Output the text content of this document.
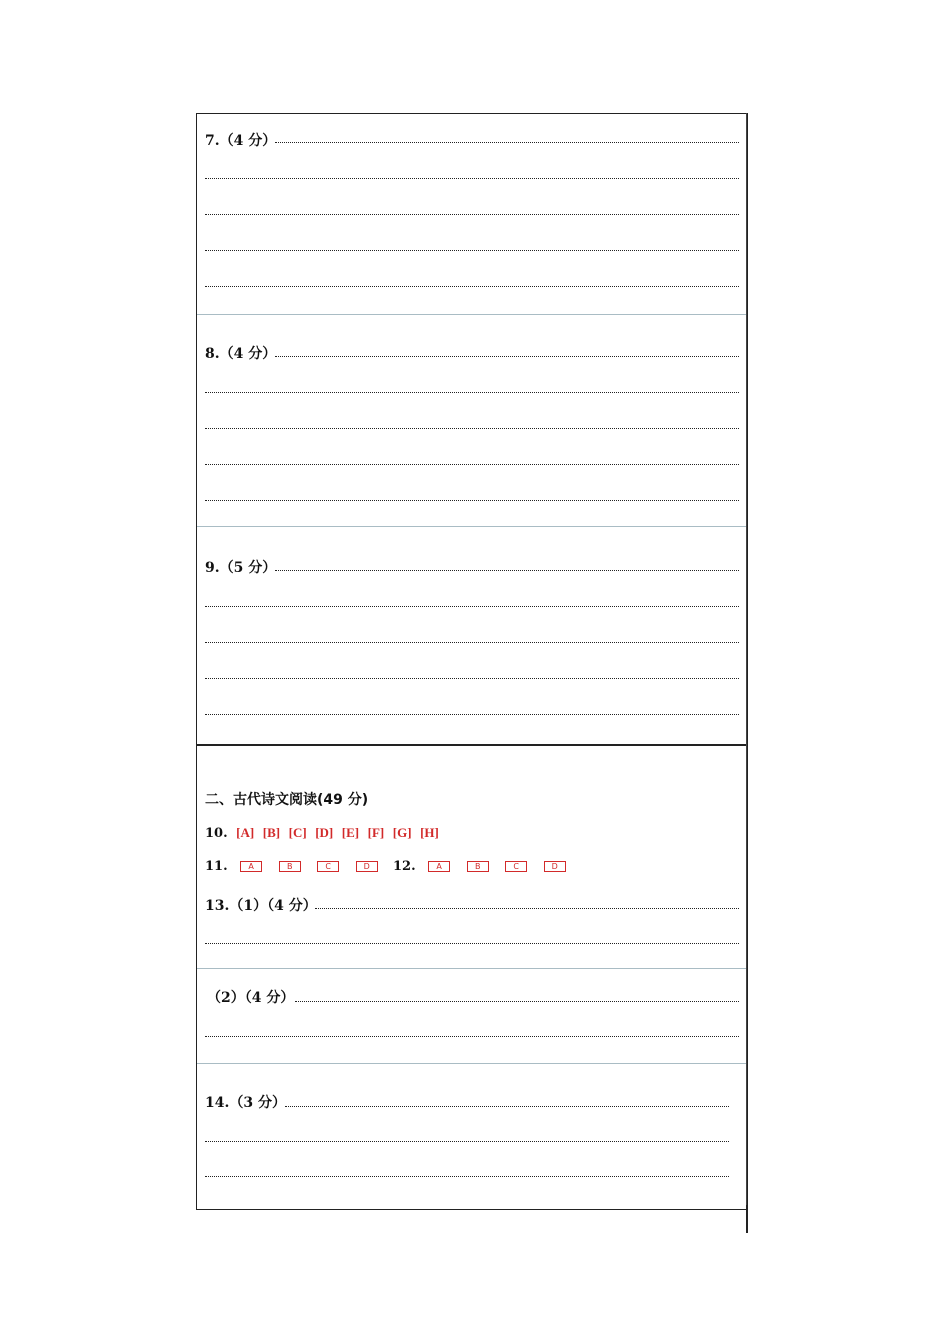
7.（4 分）
8.（4 分）
9.（5 分）
二、古代诗文阅读(49 分)
10. [A] [B] [C] [D] [E] [F] [G] [H]
11.	A	B	C	D	12.	A	B	C	D
13.（1）（4 分）
（2）（4 分）
14.（3 分）
